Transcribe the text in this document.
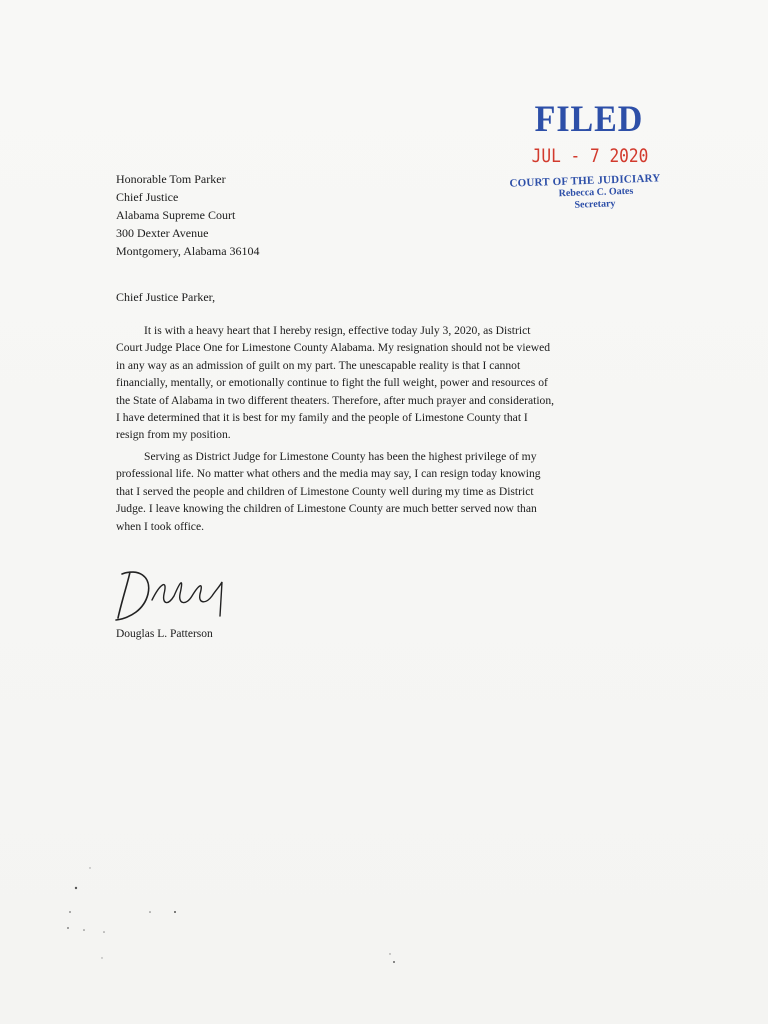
FILED
JUL - 7 2020
COURT OF THE JUDICIARY
Rebecca C. Oates
Secretary
Honorable Tom Parker
Chief Justice
Alabama Supreme Court
300 Dexter Avenue
Montgomery, Alabama 36104
Chief Justice Parker,
It is with a heavy heart that I hereby resign, effective today July 3, 2020, as District Court Judge Place One for Limestone County Alabama. My resignation should not be viewed in any way as an admission of guilt on my part. The unescapable reality is that I cannot financially, mentally, or emotionally continue to fight the full weight, power and resources of the State of Alabama in two different theaters. Therefore, after much prayer and consideration, I have determined that it is best for my family and the people of Limestone County that I resign from my position.
Serving as District Judge for Limestone County has been the highest privilege of my professional life. No matter what others and the media may say, I can resign today knowing that I served the people and children of Limestone County well during my time as District Judge. I leave knowing the children of Limestone County are much better served now than when I took office.
Douglas L. Patterson
